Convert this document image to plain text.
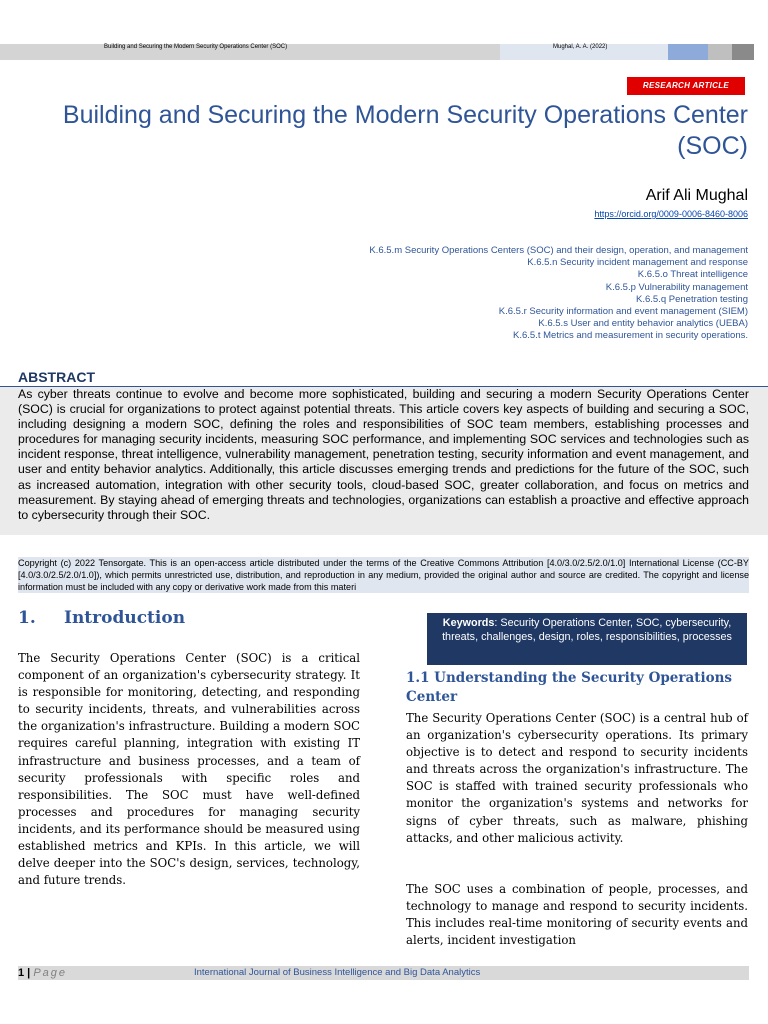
Building and Securing the Modern Security Operations Center (SOC)	Mughal, A. A. (2022)
RESEARCH ARTICLE
Building and Securing the Modern Security Operations Center
(SOC)
Arif Ali Mughal
https://orcid.org/0009-0006-8460-8006
K.6.5.m Security Operations Centers (SOC) and their design, operation, and management
K.6.5.n Security incident management and response
K.6.5.o Threat intelligence
K.6.5.p Vulnerability management
K.6.5.q Penetration testing
K.6.5.r Security information and event management (SIEM)
K.6.5.s User and entity behavior analytics (UEBA)
K.6.5.t Metrics and measurement in security operations.
ABSTRACT
As cyber threats continue to evolve and become more sophisticated, building and securing a modern Security Operations Center (SOC) is crucial for organizations to protect against potential threats. This article covers key aspects of building and securing a SOC, including designing a modern SOC, defining the roles and responsibilities of SOC team members, establishing processes and procedures for managing security incidents, measuring SOC performance, and implementing SOC services and technologies such as incident response, threat intelligence, vulnerability management, penetration testing, security information and event management, and user and entity behavior analytics. Additionally, this article discusses emerging trends and predictions for the future of the SOC, such as increased automation, integration with other security tools, cloud-based SOC, greater collaboration, and focus on metrics and measurement. By staying ahead of emerging threats and technologies, organizations can establish a proactive and effective approach to cybersecurity through their SOC.
Copyright (c) 2022 Tensorgate. This is an open-access article distributed under the terms of the Creative Commons Attribution [4.0/3.0/2.5/2.0/1.0] International License (CC-BY [4.0/3.0/2.5/2.0/1.0]), which permits unrestricted use, distribution, and reproduction in any medium, provided the original author and source are credited. The copyright and license information must be included with any copy or derivative work made from this materi
1. Introduction
The Security Operations Center (SOC) is a critical component of an organization's cybersecurity strategy. It is responsible for monitoring, detecting, and responding to security incidents, threats, and vulnerabilities across the organization's infrastructure. Building a modern SOC requires careful planning, integration with existing IT infrastructure and business processes, and a team of security professionals with specific roles and responsibilities. The SOC must have well-defined processes and procedures for managing security incidents, and its performance should be measured using established metrics and KPIs. In this article, we will delve deeper into the SOC's design, services, technology, and future trends.
Keywords: Security Operations Center, SOC, cybersecurity, threats, challenges, design, roles, responsibilities, processes
1.1 Understanding the Security Operations Center
The Security Operations Center (SOC) is a central hub of an organization's cybersecurity operations. Its primary objective is to detect and respond to security incidents and threats across the organization's infrastructure. The SOC is staffed with trained security professionals who monitor the organization's systems and networks for signs of cyber threats, such as malware, phishing attacks, and other malicious activity.
The SOC uses a combination of people, processes, and technology to manage and respond to security incidents. This includes real-time monitoring of security events and alerts, incident investigation
1 | Page	International Journal of Business Intelligence and Big Data Analytics
